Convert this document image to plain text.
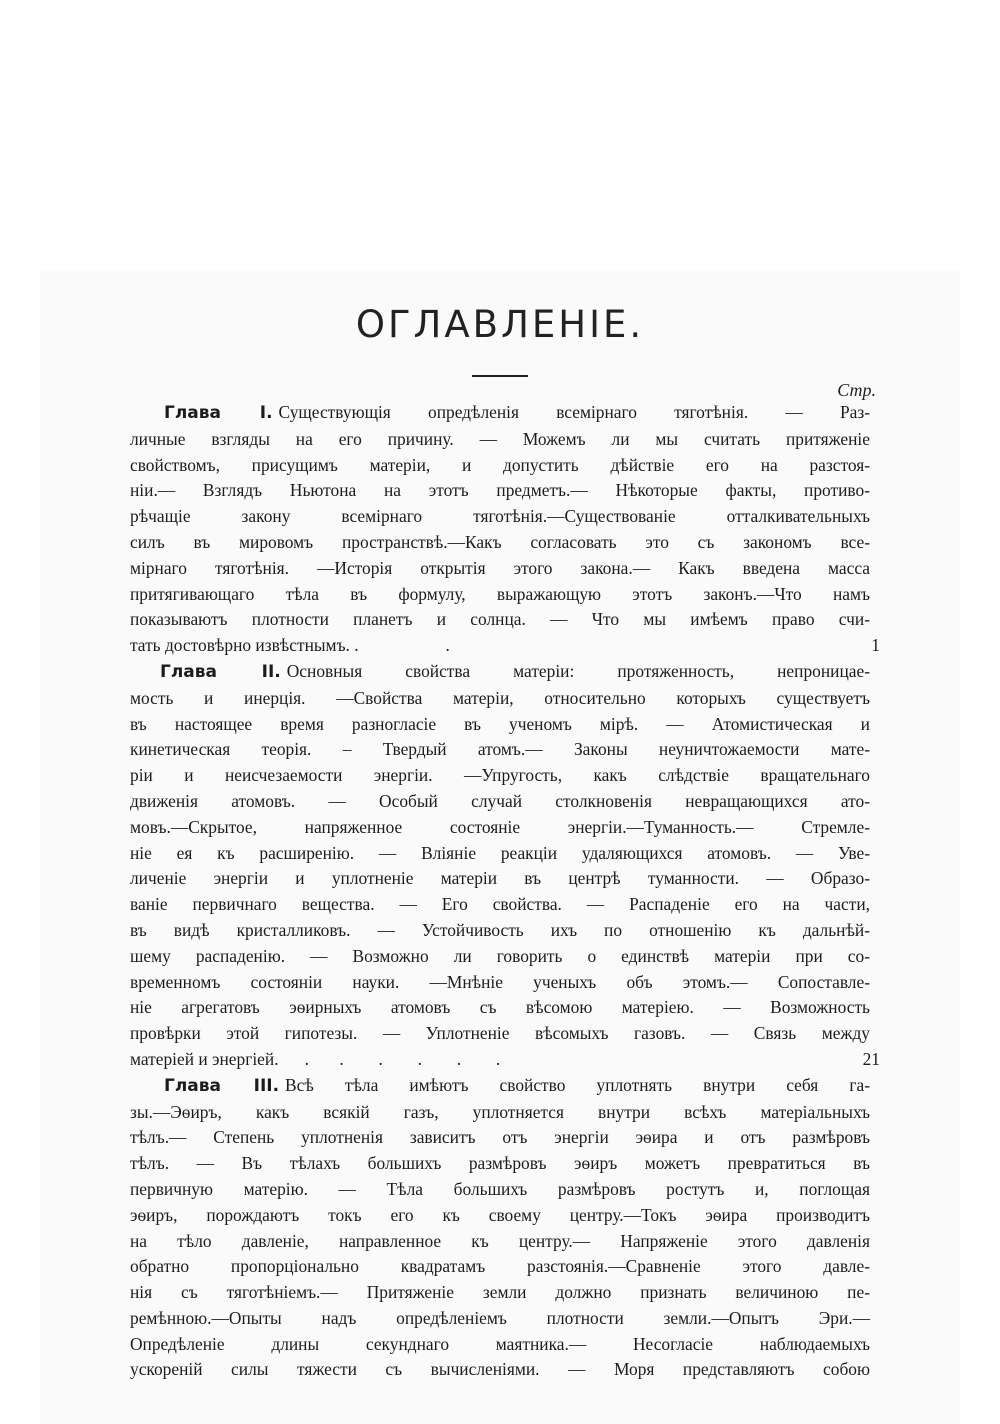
ОГЛАВЛЕНІЕ.
Стр.
Глава I. Существующія опредѣленія всемірнаго тяготѣнія. — Раз-
личные взгляды на его причину. — Можемъ ли мы считать притяженіе
свойствомъ, присущимъ матеріи, и допустить дѣйствіе его на разстоя-
ніи.— Взглядъ Ньютона на этотъ предметъ.— Нѣкоторые факты, противо-
рѣчащіе закону всемірнаго тяготѣнія.—Существованіе отталкивательныхъ
силъ въ мировомъ пространствѣ.—Какъ согласовать это съ закономъ все-
мірнаго тяготѣнія. —Исторія открытія этого закона.— Какъ введена масса
притягивающаго тѣла въ формулу, выражающую этотъ законъ.—Что намъ
показываютъ плотности планетъ и солнца. — Что мы имѣемъ право счи-
тать достовѣрно извѣстнымъ. .                    .	1
Глава II. Основныя свойства матеріи: протяженность, непроницае-
мость и инерція. —Свойства матеріи, относительно которыхъ существуетъ
въ настоящее время разногласіе въ ученомъ мірѣ. — Атомистическая и
кинетическая теорія. – Твердый атомъ.— Законы неуничтожаемости мате-
ріи и неисчезаемости энергіи. —Упругость, какъ слѣдствіе вращательнаго
движенія атомовъ. — Особый случай столкновенія невращающихся ато-
мовъ.—Скрытое, напряженное состояніе энергіи.—Туманность.— Стремле-
ніе ея къ расширенію. — Вліяніе реакціи удаляющихся атомовъ. — Уве-
личеніе энергіи и уплотненіе матеріи въ центрѣ туманности. — Образо-
ваніе первичнаго вещества. — Его свойства. — Распаденіе его на части,
въ видѣ кристалликовъ. — Устойчивость ихъ по отношенію къ дальнѣй-
шему распаденію. — Возможно ли говорить о единствѣ матеріи при со-
временномъ состояніи науки. —Мнѣніе ученыхъ объ этомъ.— Сопоставле-
ніе агрегатовъ эѳирныхъ атомовъ съ вѣсомою матеріею. — Возможность
провѣрки этой гипотезы. — Уплотненіе вѣсомыхъ газовъ. — Связь между
матеріей и энергіей.      .       .        .        .        .        .	21
Глава III. Всѣ тѣла имѣютъ свойство уплотнять внутри себя га-
зы.—Эѳиръ, какъ всякій газъ, уплотняется внутри всѣхъ матеріальныхъ
тѣлъ.— Степень уплотненія зависитъ отъ энергіи эѳира и отъ размѣровъ
тѣлъ. — Въ тѣлахъ большихъ размѣровъ эѳиръ можетъ превратиться въ
первичную матерію. — Тѣла большихъ размѣровъ ростутъ и, поглощая
эѳиръ, порождаютъ токъ его къ своему центру.—Токъ эѳира производитъ
на тѣло давленіе, направленное къ центру.— Напряженіе этого давленія
обратно пропорціонально квадратамъ разстоянія.—Сравненіе этого давле-
нія съ тяготѣніемъ.— Притяженіе земли должно признать величиною пе-
ремѣнною.—Опыты надъ опредѣленіемъ плотности земли.—Опытъ Эри.—
Опредѣленіе длины секунднаго маятника.— Несогласіе наблюдаемыхъ
ускореній силы тяжести съ вычисленіями. — Моря представляютъ собою
